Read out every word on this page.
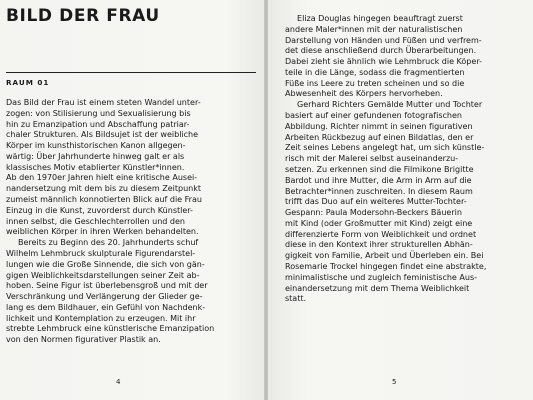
BILD DER FRAU
RAUM 01
Das Bild der Frau ist einem steten Wandel unter-
zogen: von Stilisierung und Sexualisierung bis
hin zu Emanzipation und Abschaffung patriar-
chaler Strukturen. Als Bildsujet ist der weibliche
Körper im kunsthistorischen Kanon allgegen-
wärtig: Über Jahrhunderte hinweg galt er als
klassisches Motiv etablierter Künstler*innen.
Ab den 1970er Jahren hielt eine kritische Ausei-
nandersetzung mit dem bis zu diesem Zeitpunkt
zumeist männlich konnotierten Blick auf die Frau
Einzug in die Kunst, zuvorderst durch Künstler-
innen selbst, die Geschlechterrollen und den
weiblichen Körper in ihren Werken behandelten.
Bereits zu Beginn des 20. Jahrhunderts schuf
Wilhelm Lehmbruck skulpturale Figurendarstel-
lungen wie die Große Sinnende, die sich von gän-
gigen Weiblichkeitsdarstellungen seiner Zeit ab-
hoben. Seine Figur ist überlebensgroß und mit der
Verschränkung und Verlängerung der Glieder ge-
lang es dem Bildhauer, ein Gefühl von Nachdenk-
lichkeit und Kontemplation zu erzeugen. Mit ihr
strebte Lehmbruck eine künstlerische Emanzipation
von den Normen figurativer Plastik an.
4
Eliza Douglas hingegen beauftragt zuerst
andere Maler*innen mit der naturalistischen
Darstellung von Händen und Füßen und verfrem-
det diese anschließend durch Überarbeitungen.
Dabei zieht sie ähnlich wie Lehmbruck die Köper-
teile in die Länge, sodass die fragmentierten
Füße ins Leere zu treten scheinen und so die
Abwesenheit des Körpers hervorheben.
Gerhard Richters Gemälde Mutter und Tochter
basiert auf einer gefundenen fotografischen
Abbildung. Richter nimmt in seinen figurativen
Arbeiten Rückbezug auf einen Bildatlas, den er
Zeit seines Lebens angelegt hat, um sich künstle-
risch mit der Malerei selbst auseinanderzu-
setzen. Zu erkennen sind die Filmikone Brigitte
Bardot und ihre Mutter, die Arm in Arm auf die
Betrachter*innen zuschreiten. In diesem Raum
trifft das Duo auf ein weiteres Mutter-Tochter-
Gespann: Paula Modersohn-Beckers Bäuerin
mit Kind (oder Großmutter mit Kind) zeigt eine
differenzierte Form von Weiblichkeit und ordnet
diese in den Kontext ihrer strukturellen Abhän-
gigkeit von Familie, Arbeit und Überleben ein. Bei
Rosemarie Trockel hingegen findet eine abstrakte,
minimalistische und zugleich feministische Aus-
einandersetzung mit dem Thema Weiblichkeit
statt.
5
